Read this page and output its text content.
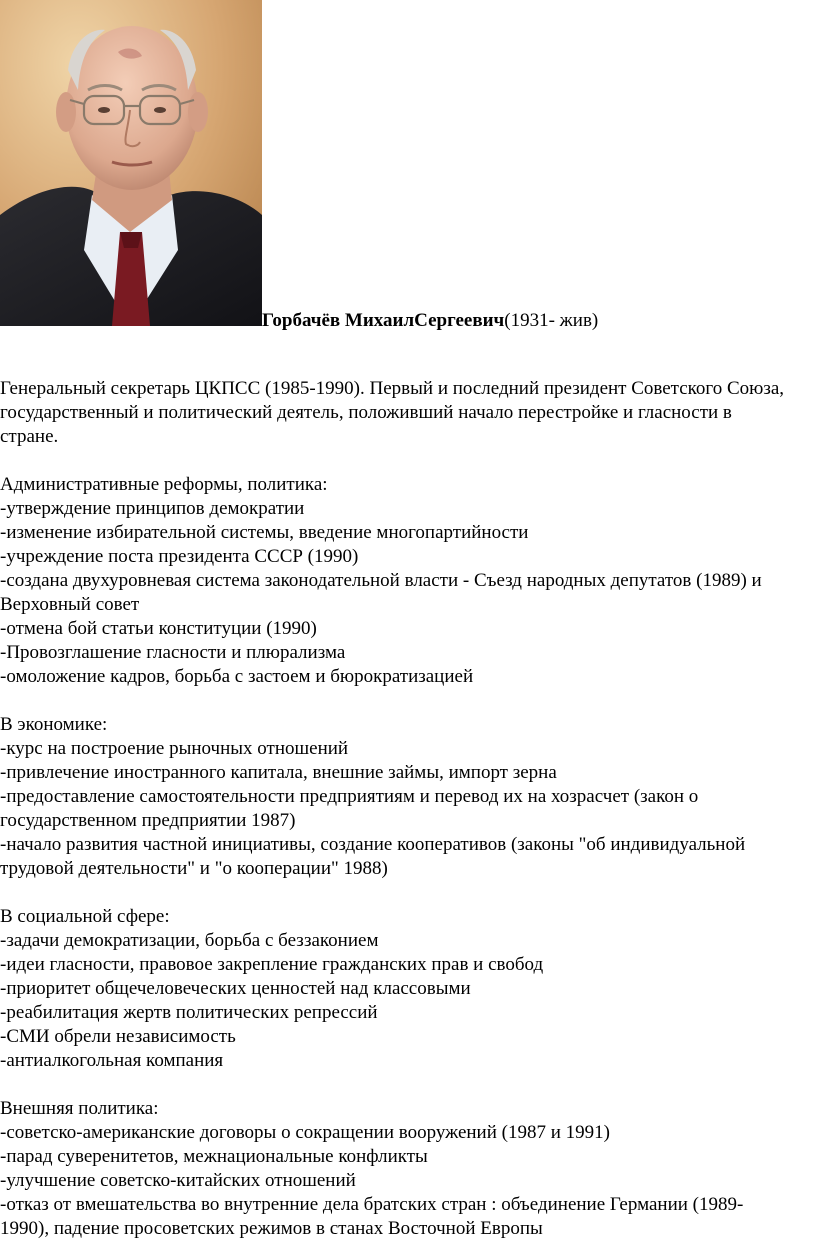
Горбачёв МихаилСергеевич(1931- жив)

Генеральный секретарь ЦКПСС (1985-1990). Первый и последний президент Советского Союза, государственный и политический деятель, положивший начало перестройке и гласности в стране.

Административные реформы, политика:

-утверждение принципов демократии

-изменение избирательной системы, введение многопартийности

-учреждение поста президента СССР (1990)

-создана двухуровневая система законодательной власти - Съезд народных депутатов (1989) и Верховный совет

-отмена бой статьи конституции (1990)

-Провозглашение гласности и плюрализма

-омоложение кадров, борьба с застоем и бюрократизацией

В экономике:

-курс на построение рыночных отношений

-привлечение иностранного капитала, внешние займы, импорт зерна

-предоставление самостоятельности предприятиям и перевод их на хозрасчет (закон о государственном предприятии 1987)

-начало развития частной инициативы, создание кооперативов (законы "об индивидуальной трудовой деятельности" и "о кооперации" 1988)

В социальной сфере:

-задачи демократизации, борьба с беззаконием

-идеи гласности, правовое закрепление гражданских прав и свобод

-приоритет общечеловеческих ценностей над классовыми

-реабилитация жертв политических репрессий

-СМИ обрели независимость

-антиалкогольная компания

Внешняя политика:

-советско-американские договоры о сокращении вооружений (1987 и 1991)

-парад суверенитетов, межнациональные конфликты

-улучшение советско-китайских отношений

-отказ от вмешательства во внутренние дела братских стран : объединение Германии (1989-1990), падение просоветских режимов в станах Восточной Европы
